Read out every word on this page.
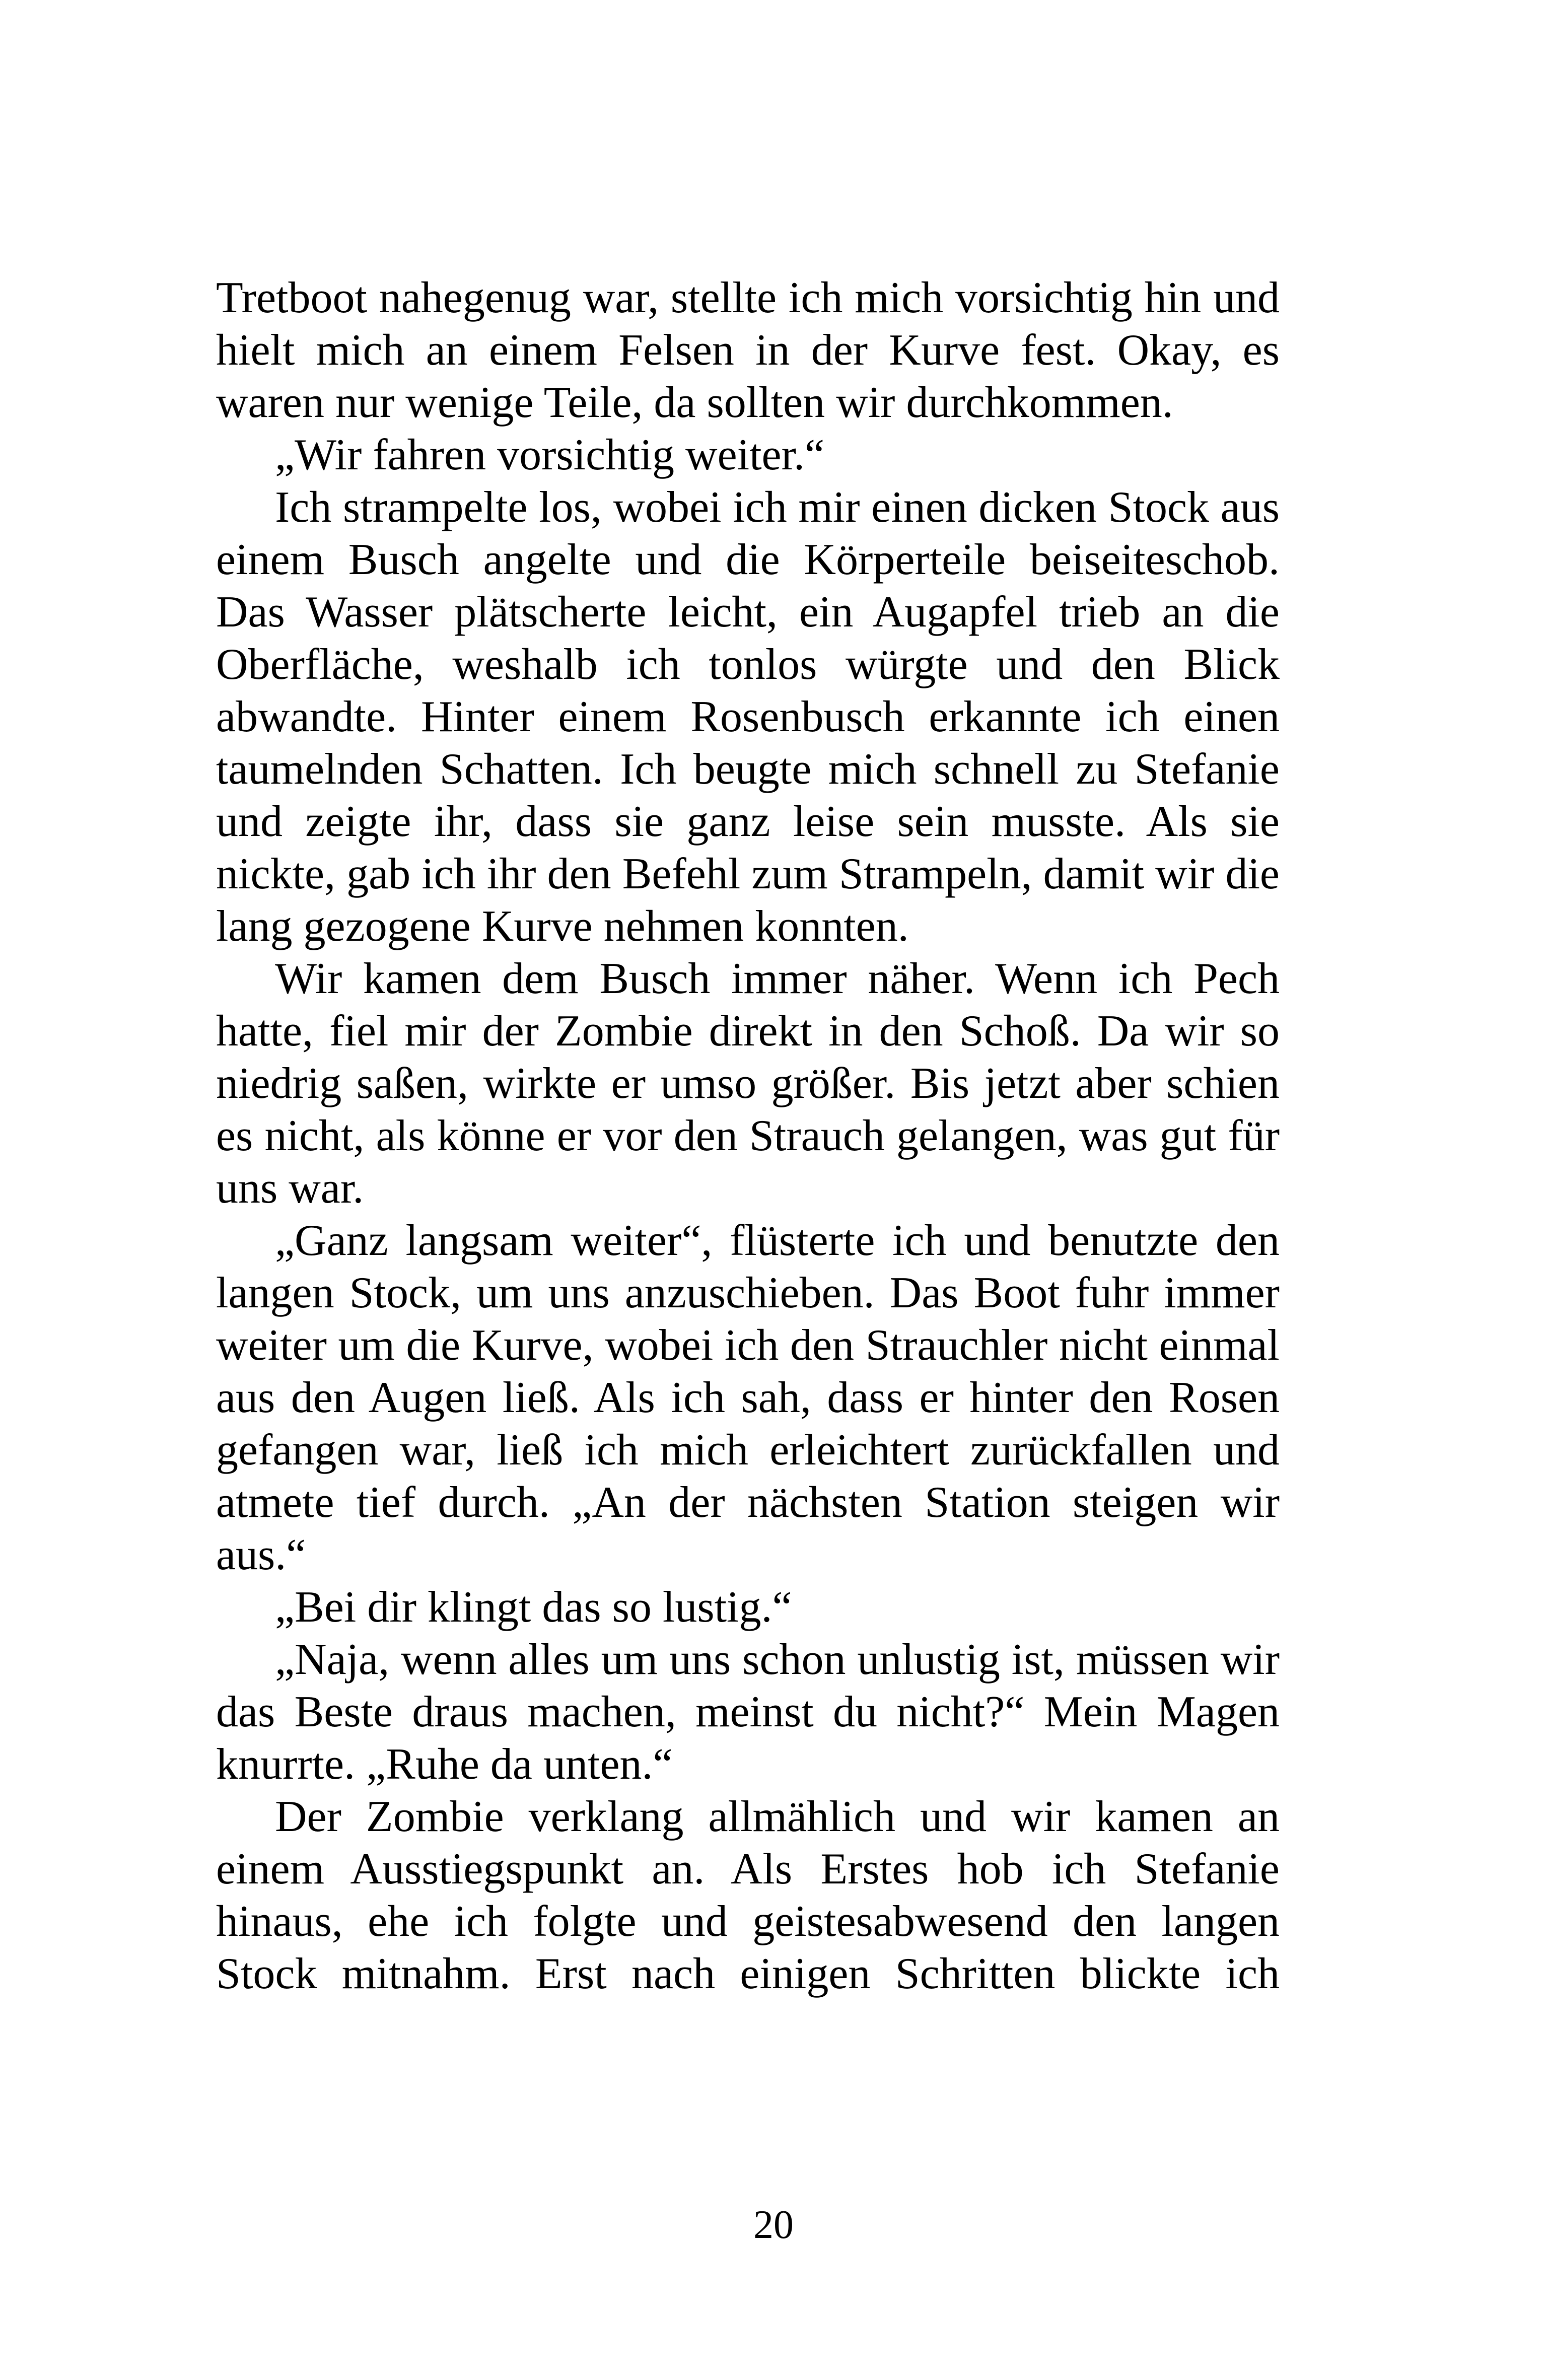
Tretboot nahegenug war, stellte ich mich vorsichtig hin und hielt mich an einem Felsen in der Kurve fest. Okay, es waren nur wenige Teile, da sollten wir durchkommen.

„Wir fahren vorsichtig weiter.“

Ich strampelte los, wobei ich mir einen dicken Stock aus einem Busch angelte und die Körperteile beiseiteschob. Das Wasser plätscherte leicht, ein Augapfel trieb an die Oberfläche, weshalb ich tonlos würgte und den Blick abwandte. Hinter einem Rosenbusch erkannte ich einen taumelnden Schatten. Ich beugte mich schnell zu Stefanie und zeigte ihr, dass sie ganz leise sein musste. Als sie nickte, gab ich ihr den Befehl zum Strampeln, damit wir die lang gezogene Kurve nehmen konnten.

Wir kamen dem Busch immer näher. Wenn ich Pech hatte, fiel mir der Zombie direkt in den Schoß. Da wir so niedrig saßen, wirkte er umso größer. Bis jetzt aber schien es nicht, als könne er vor den Strauch gelangen, was gut für uns war.

„Ganz langsam weiter“, flüsterte ich und benutzte den langen Stock, um uns anzuschieben. Das Boot fuhr immer weiter um die Kurve, wobei ich den Strauchler nicht einmal aus den Augen ließ. Als ich sah, dass er hinter den Rosen gefangen war, ließ ich mich erleichtert zurückfallen und atmete tief durch. „An der nächsten Station steigen wir aus.“

„Bei dir klingt das so lustig.“

„Naja, wenn alles um uns schon unlustig ist, müssen wir das Beste draus machen, meinst du nicht?“ Mein Magen knurrte. „Ruhe da unten.“

Der Zombie verklang allmählich und wir kamen an einem Ausstiegspunkt an. Als Erstes hob ich Stefanie hinaus, ehe ich folgte und geistesabwesend den langen Stock mitnahm. Erst nach einigen Schritten blickte ich

20
